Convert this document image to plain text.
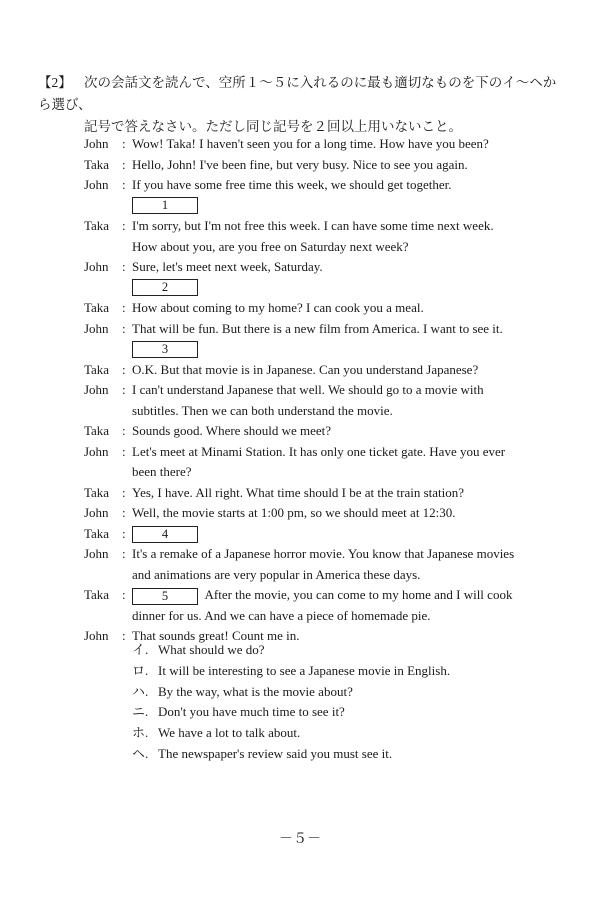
【2】 次の会話文を読んで、空所１～５に入れるのに最も適切なものを下のイ～ヘから選び、
記号で答えなさい。ただし同じ記号を２回以上用いないこと。
John	: Wow! Taka! I haven't seen you for a long time. How have you been?
Taka : Hello, John! I've been fine, but very busy. Nice to see you again.
John	: If you have some free time this week, we should get together.
1
Taka : I'm sorry, but I'm not free this week. I can have some time next week.
How about you, are you free on Saturday next week?
John	: Sure, let's meet next week, Saturday.
2
Taka : How about coming to my home? I can cook you a meal.
John	: That will be fun. But there is a new film from America. I want to see it.
3
Taka : O.K. But that movie is in Japanese. Can you understand Japanese?
John	: I can't understand Japanese that well. We should go to a movie with
subtitles. Then we can both understand the movie.
Taka : Sounds good. Where should we meet?
John	: Let's meet at Minami Station. It has only one ticket gate. Have you ever
been there?
Taka : Yes, I have. All right. What time should I be at the train station?
John	: Well, the movie starts at 1:00 pm, so we should meet at 12:30.
Taka :	4
John	: It's a remake of a Japanese horror movie. You know that Japanese movies
and animations are very popular in America these days.
Taka :	5	After the movie, you can come to my home and I will cook
dinner for us. And we can have a piece of homemade pie.
John	: That sounds great! Count me in.
イ. What should we do?
ロ. It will be interesting to see a Japanese movie in English.
ハ. By the way, what is the movie about?
ニ. Don't you have much time to see it?
ホ. We have a lot to talk about.
ヘ. The newspaper's review said you must see it.
－５－
